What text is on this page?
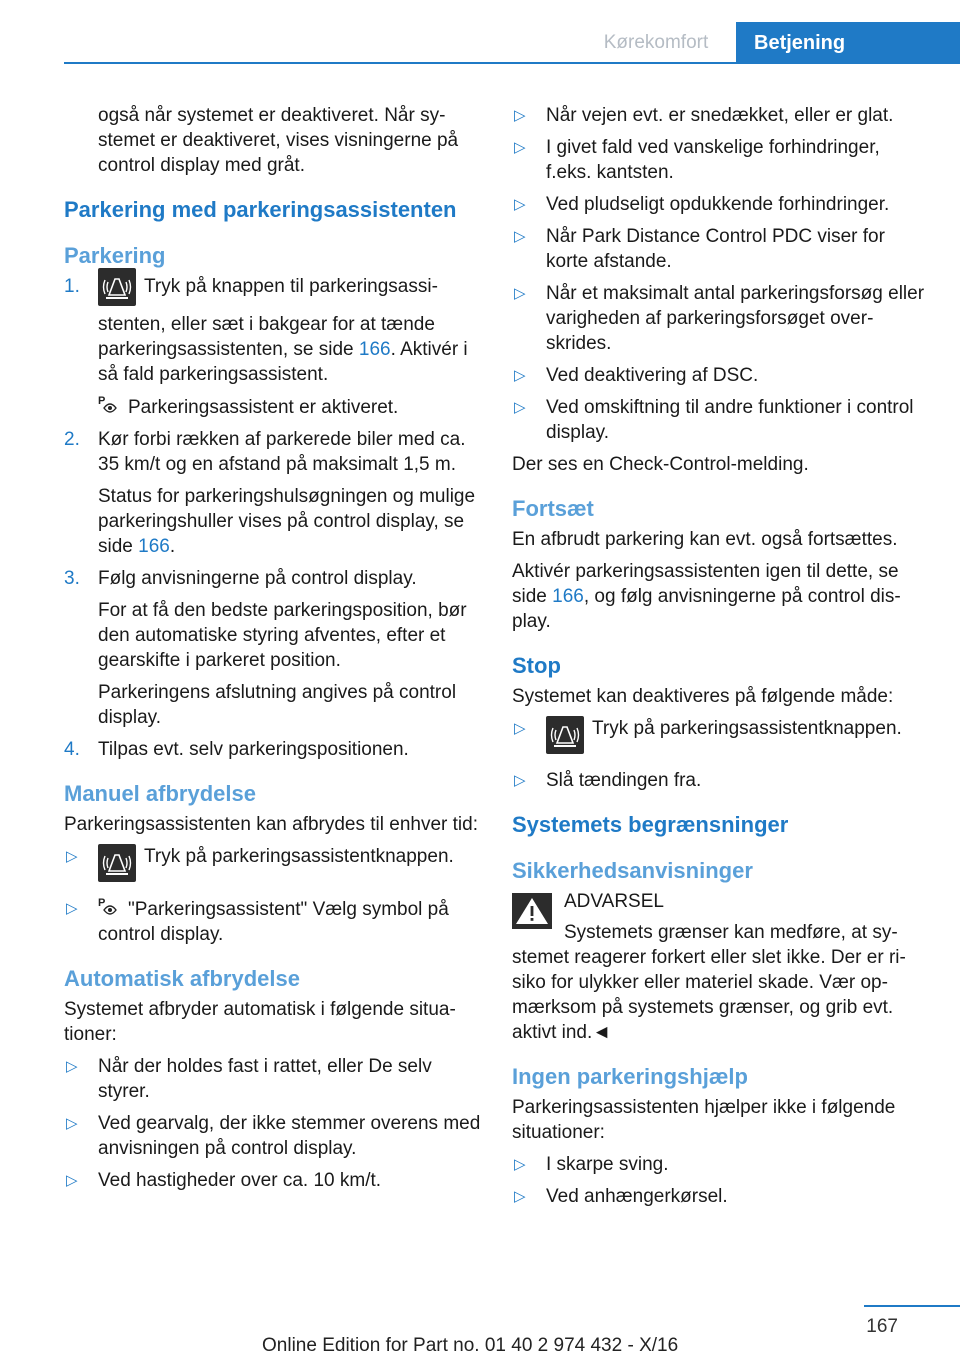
Kørekomfort	Betjening

også når systemet er deaktiveret. Når systemet er deaktiveret, vises visningerne på control display med gråt.

Parkering med parkeringsassistenten
Parkering
1.	Tryk på knappen til parkeringsassistenten, eller sæt i bakgear for at tænde parkeringsassistenten, se side 166. Aktivér i så fald parkeringsassistent.
P Parkeringsassistent er aktiveret.
2. Kør forbi rækken af parkerede biler med ca. 35 km/t og en afstand på maksimalt 1,5 m.
Status for parkeringshulsøgningen og mulige parkeringshuller vises på control display, se side 166.
3. Følg anvisningerne på control display.
For at få den bedste parkeringsposition, bør den automatiske styring afventes, efter et gearskifte i parkeret position.
Parkeringens afslutning angives på control display.
4. Tilpas evt. selv parkeringspositionen.
Manuel afbrydelse

Parkeringsassistenten kan afbrydes til enhver tid:

▷	Tryk på parkeringsassistentknappen.
▷ P "Parkeringsassistent" Vælg symbol på control display.
Automatisk afbrydelse

Systemet afbryder automatisk i følgende situationer:

▷ Når der holdes fast i rattet, eller De selv styrer.
▷ Ved gearvalg, der ikke stemmer overens med anvisningen på control display.
▷ Ved hastigheder over ca. 10 km/t.
▷ Når vejen evt. er snedækket, eller er glat.
▷ I givet fald ved vanskelige forhindringer, f.eks. kantsten.
▷ Ved pludseligt opdukkende forhindringer.
▷ Når Park Distance Control PDC viser for korte afstande.
▷ Når et maksimalt antal parkeringsforsøg eller varigheden af parkeringsforsøget overskrides.
▷ Ved deaktivering af DSC.
▷ Ved omskiftning til andre funktioner i control display.

Der ses en Check-Control-melding.

Fortsæt

En afbrudt parkering kan evt. også fortsættes.

Aktivér parkeringsassistenten igen til dette, se side 166, og følg anvisningerne på control display.

Stop

Systemet kan deaktiveres på følgende måde:

▷	Tryk på parkeringsassistentknappen.
▷ Slå tændingen fra.
Systemets begrænsninger
Sikkerhedsanvisninger

ADVARSEL

Systemets grænser kan medføre, at systemet reagerer forkert eller slet ikke. Der er risiko for ulykker eller materiel skade. Vær opmærksom på systemets grænser, og grib evt. aktivt ind.◄

Ingen parkeringshjælp

Parkeringsassistenten hjælper ikke i følgende situationer:

▷ I skarpe sving.
▷ Ved anhængerkørsel.
167
Online Edition for Part no. 01 40 2 974 432 - X/16
